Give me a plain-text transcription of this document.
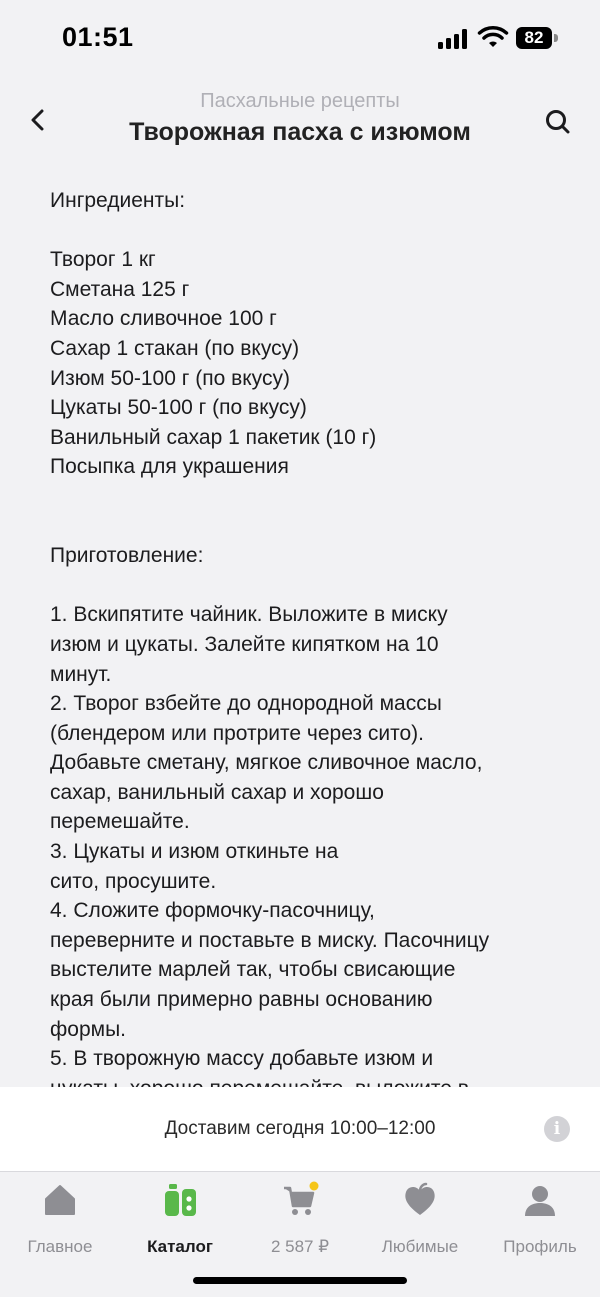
01:51	82
Пасхальные рецепты
Творожная пасха с изюмом
Ингредиенты:

Творог 1 кг
Сметана 125 г
Масло сливочное 100 г
Сахар 1 стакан (по вкусу)
Изюм 50-100 г (по вкусу)
Цукаты 50-100 г (по вкусу)
Ванильный сахар 1 пакетик (10 г)
Посыпка для украшения

Приготовление:

1. Вскипятите чайник. Выложите в миску
изюм и цукаты. Залейте кипятком на 10
минут.
2. Творог взбейте до однородной массы
(блендером или протрите через сито).
Добавьте сметану, мягкое сливочное масло,
сахар, ванильный сахар и хорошо
перемешайте.
3. Цукаты и изюм откиньте на
сито, просушите.
4. Сложите формочку-пасочницу,
переверните и поставьте в миску. Пасочницу
выстелите марлей так, чтобы свисающие
края были примерно равны основанию
формы.
5. В творожную массу добавьте изюм и

Доставим сегодня 10:00–12:00	i
Главное	Каталог	2 587 ₽	Любимые	Профиль
